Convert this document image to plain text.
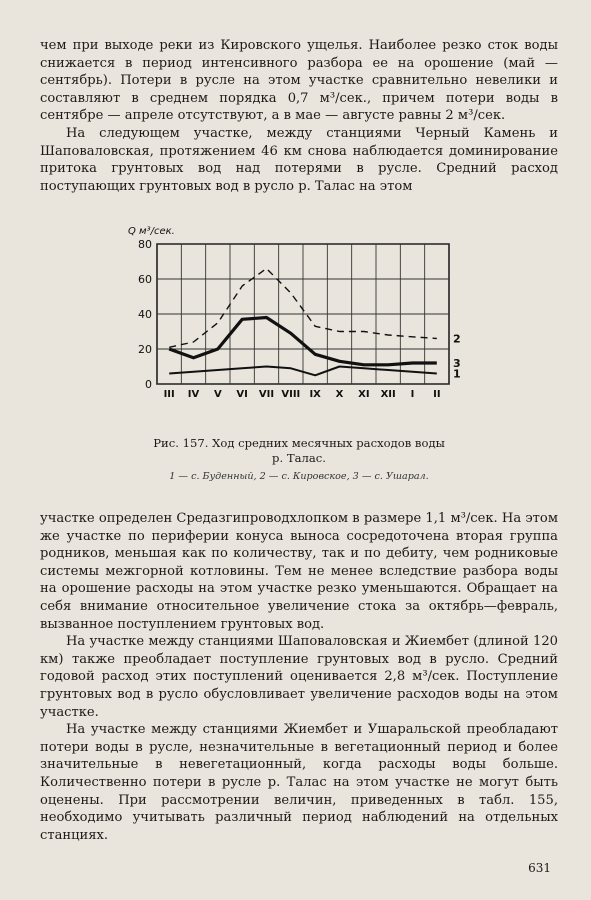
чем при выходе реки из Кировского ущелья. Наиболее резко сток воды снижается в период интенсивного разбора ее на орошение (май — сентябрь). Потери в русле на этом участке сравнительно невелики и составляют в среднем порядка 0,7 м³/сек., причем потери воды в сентябре — апреле отсутствуют, а в мае — августе равны 2 м³/сек.

На следующем участке, между станциями Черный Камень и Шаповаловская, протяжением 46 км снова наблюдается доминирование притока грунтовых вод над потерями в русле. Средний расход поступающих грунтовых вод в русло р. Талас на этом

0
20
40
60
80
III IV V VI VII VIII IX X XI XII I II
Q м³/сек.
1
2
3
Рис. 157. Ход средних месячных расходов воды
р. Талас.
1 — с. Буденный, 2 — с. Кировское, 3 — с. Ушарал.

участке определен Средазгипроводхлопком в размере 1,1 м³/сек. На этом же участке по периферии конуса выноса сосредоточена вторая группа родников, меньшая как по количеству, так и по дебиту, чем родниковые системы межгорной котловины. Тем не менее вследствие разбора воды на орошение расходы на этом участке резко уменьшаются. Обращает на себя внимание относительное увеличение стока за октябрь—февраль, вызванное поступлением грунтовых вод.

На участке между станциями Шаповаловская и Жиембет (длиной 120 км) также преобладает поступление грунтовых вод в русло. Средний годовой расход этих поступлений оценивается 2,8 м³/сек. Поступление грунтовых вод в русло обусловливает увеличение расходов воды на этом участке.

На участке между станциями Жиембет и Ушаральской преобладают потери воды в русле, незначительные в вегетационный период и более значительные в невегетационный, когда расходы воды больше. Количественно потери в русле р. Талас на этом участке не могут быть оценены. При рассмотрении величин, приведенных в табл. 155, необходимо учитывать различный период наблюдений на отдельных станциях.

631
